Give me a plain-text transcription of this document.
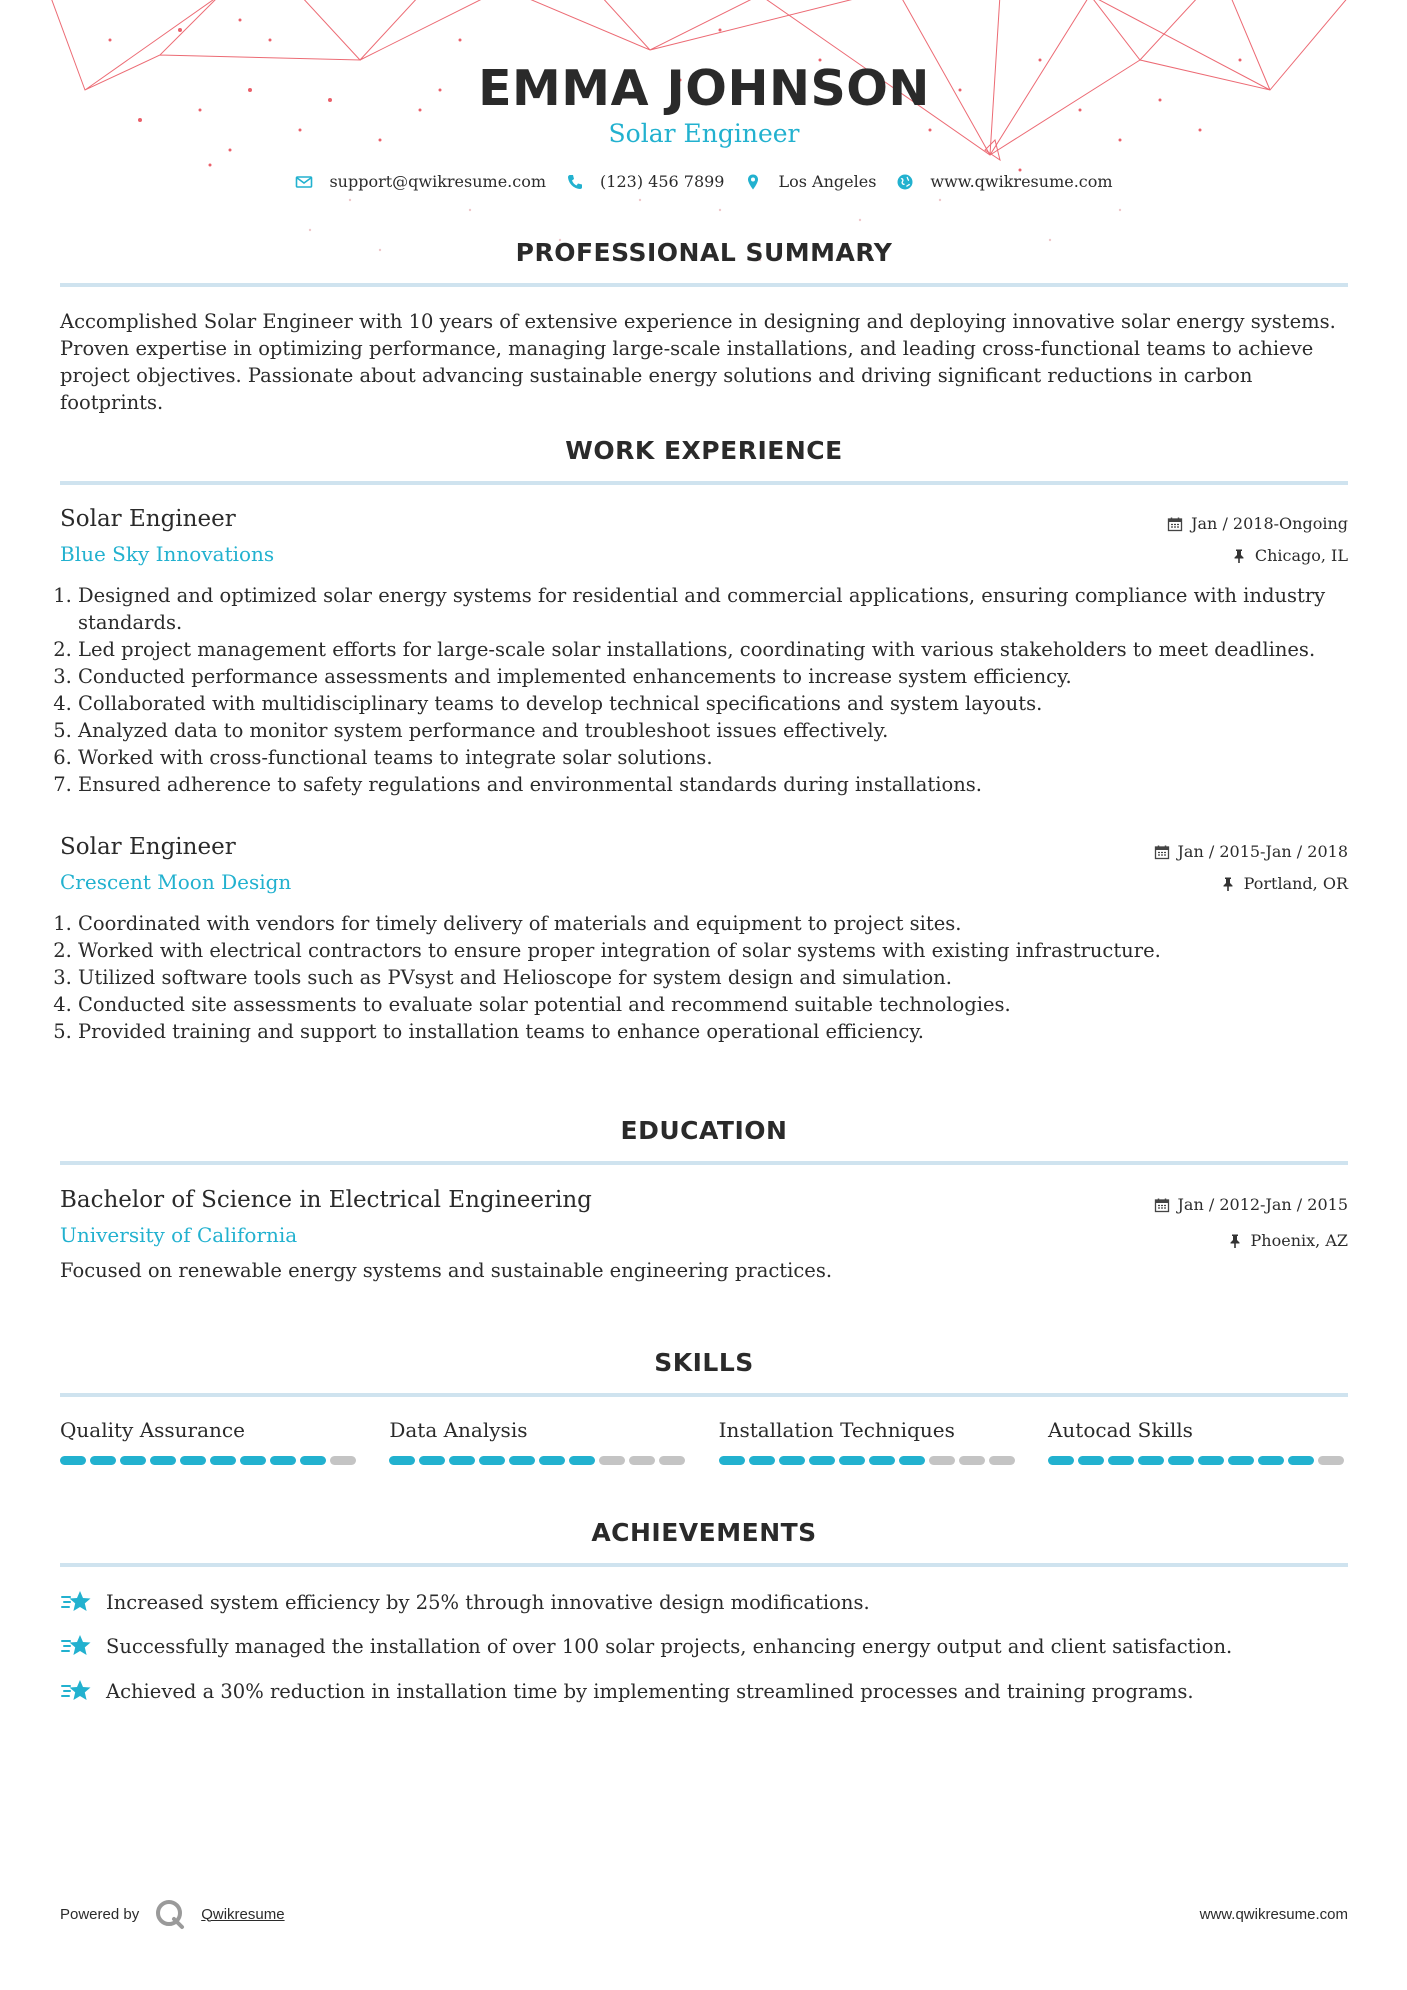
EMMA JOHNSON
Solar Engineer
support@qwikresume.com	(123) 456 7899	Los Angeles	www.qwikresume.com
PROFESSIONAL SUMMARY
Accomplished Solar Engineer with 10 years of extensive experience in designing and deploying innovative solar energy systems. Proven expertise in optimizing performance, managing large-scale installations, and leading cross-functional teams to achieve project objectives. Passionate about advancing sustainable energy solutions and driving significant reductions in carbon footprints.
WORK EXPERIENCE
Solar Engineer
Blue Sky Innovations
Jan / 2018-Ongoing
Chicago, IL
1. Designed and optimized solar energy systems for residential and commercial applications, ensuring compliance with industry standards.
2. Led project management efforts for large-scale solar installations, coordinating with various stakeholders to meet deadlines.
3. Conducted performance assessments and implemented enhancements to increase system efficiency.
4. Collaborated with multidisciplinary teams to develop technical specifications and system layouts.
5. Analyzed data to monitor system performance and troubleshoot issues effectively.
6. Worked with cross-functional teams to integrate solar solutions.
7. Ensured adherence to safety regulations and environmental standards during installations.
Solar Engineer
Crescent Moon Design
Jan / 2015-Jan / 2018
Portland, OR
1. Coordinated with vendors for timely delivery of materials and equipment to project sites.
2. Worked with electrical contractors to ensure proper integration of solar systems with existing infrastructure.
3. Utilized software tools such as PVsyst and Helioscope for system design and simulation.
4. Conducted site assessments to evaluate solar potential and recommend suitable technologies.
5. Provided training and support to installation teams to enhance operational efficiency.
EDUCATION
Bachelor of Science in Electrical Engineering
University of California
Jan / 2012-Jan / 2015
Phoenix, AZ
Focused on renewable energy systems and sustainable engineering practices.
SKILLS
Quality Assurance	Data Analysis	Installation Techniques	Autocad Skills
ACHIEVEMENTS
Increased system efficiency by 25% through innovative design modifications.
Successfully managed the installation of over 100 solar projects, enhancing energy output and client satisfaction.
Achieved a 30% reduction in installation time by implementing streamlined processes and training programs.
Powered by	Qwikresume	www.qwikresume.com
